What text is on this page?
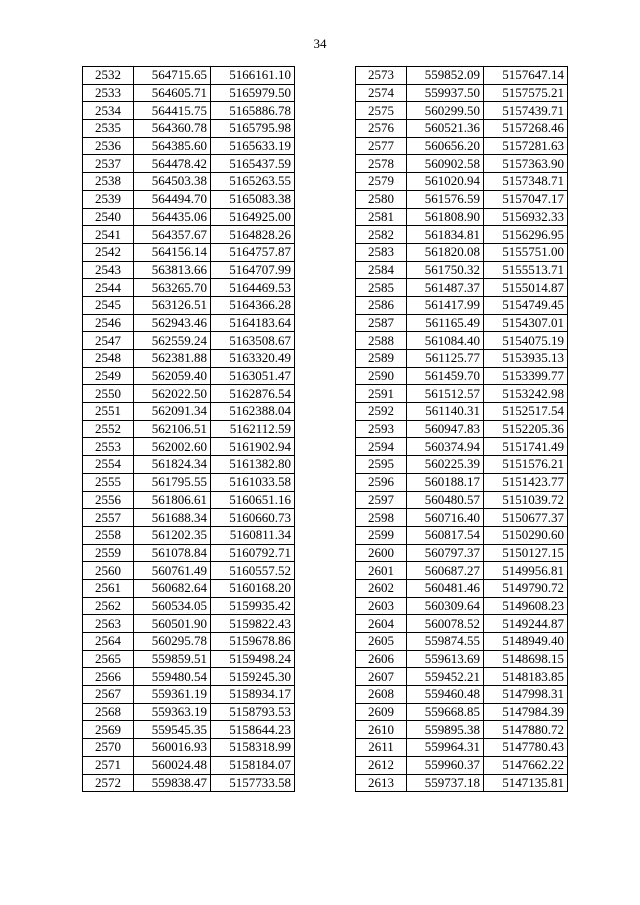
34
2532	564715.65	5166161.10
2533	564605.71	5165979.50
2534	564415.75	5165886.78
2535	564360.78	5165795.98
2536	564385.60	5165633.19
2537	564478.42	5165437.59
2538	564503.38	5165263.55
2539	564494.70	5165083.38
2540	564435.06	5164925.00
2541	564357.67	5164828.26
2542	564156.14	5164757.87
2543	563813.66	5164707.99
2544	563265.70	5164469.53
2545	563126.51	5164366.28
2546	562943.46	5164183.64
2547	562559.24	5163508.67
2548	562381.88	5163320.49
2549	562059.40	5163051.47
2550	562022.50	5162876.54
2551	562091.34	5162388.04
2552	562106.51	5162112.59
2553	562002.60	5161902.94
2554	561824.34	5161382.80
2555	561795.55	5161033.58
2556	561806.61	5160651.16
2557	561688.34	5160660.73
2558	561202.35	5160811.34
2559	561078.84	5160792.71
2560	560761.49	5160557.52
2561	560682.64	5160168.20
2562	560534.05	5159935.42
2563	560501.90	5159822.43
2564	560295.78	5159678.86
2565	559859.51	5159498.24
2566	559480.54	5159245.30
2567	559361.19	5158934.17
2568	559363.19	5158793.53
2569	559545.35	5158644.23
2570	560016.93	5158318.99
2571	560024.48	5158184.07
2572	559838.47	5157733.58
2573	559852.09	5157647.14
2574	559937.50	5157575.21
2575	560299.50	5157439.71
2576	560521.36	5157268.46
2577	560656.20	5157281.63
2578	560902.58	5157363.90
2579	561020.94	5157348.71
2580	561576.59	5157047.17
2581	561808.90	5156932.33
2582	561834.81	5156296.95
2583	561820.08	5155751.00
2584	561750.32	5155513.71
2585	561487.37	5155014.87
2586	561417.99	5154749.45
2587	561165.49	5154307.01
2588	561084.40	5154075.19
2589	561125.77	5153935.13
2590	561459.70	5153399.77
2591	561512.57	5153242.98
2592	561140.31	5152517.54
2593	560947.83	5152205.36
2594	560374.94	5151741.49
2595	560225.39	5151576.21
2596	560188.17	5151423.77
2597	560480.57	5151039.72
2598	560716.40	5150677.37
2599	560817.54	5150290.60
2600	560797.37	5150127.15
2601	560687.27	5149956.81
2602	560481.46	5149790.72
2603	560309.64	5149608.23
2604	560078.52	5149244.87
2605	559874.55	5148949.40
2606	559613.69	5148698.15
2607	559452.21	5148183.85
2608	559460.48	5147998.31
2609	559668.85	5147984.39
2610	559895.38	5147880.72
2611	559964.31	5147780.43
2612	559960.37	5147662.22
2613	559737.18	5147135.81
